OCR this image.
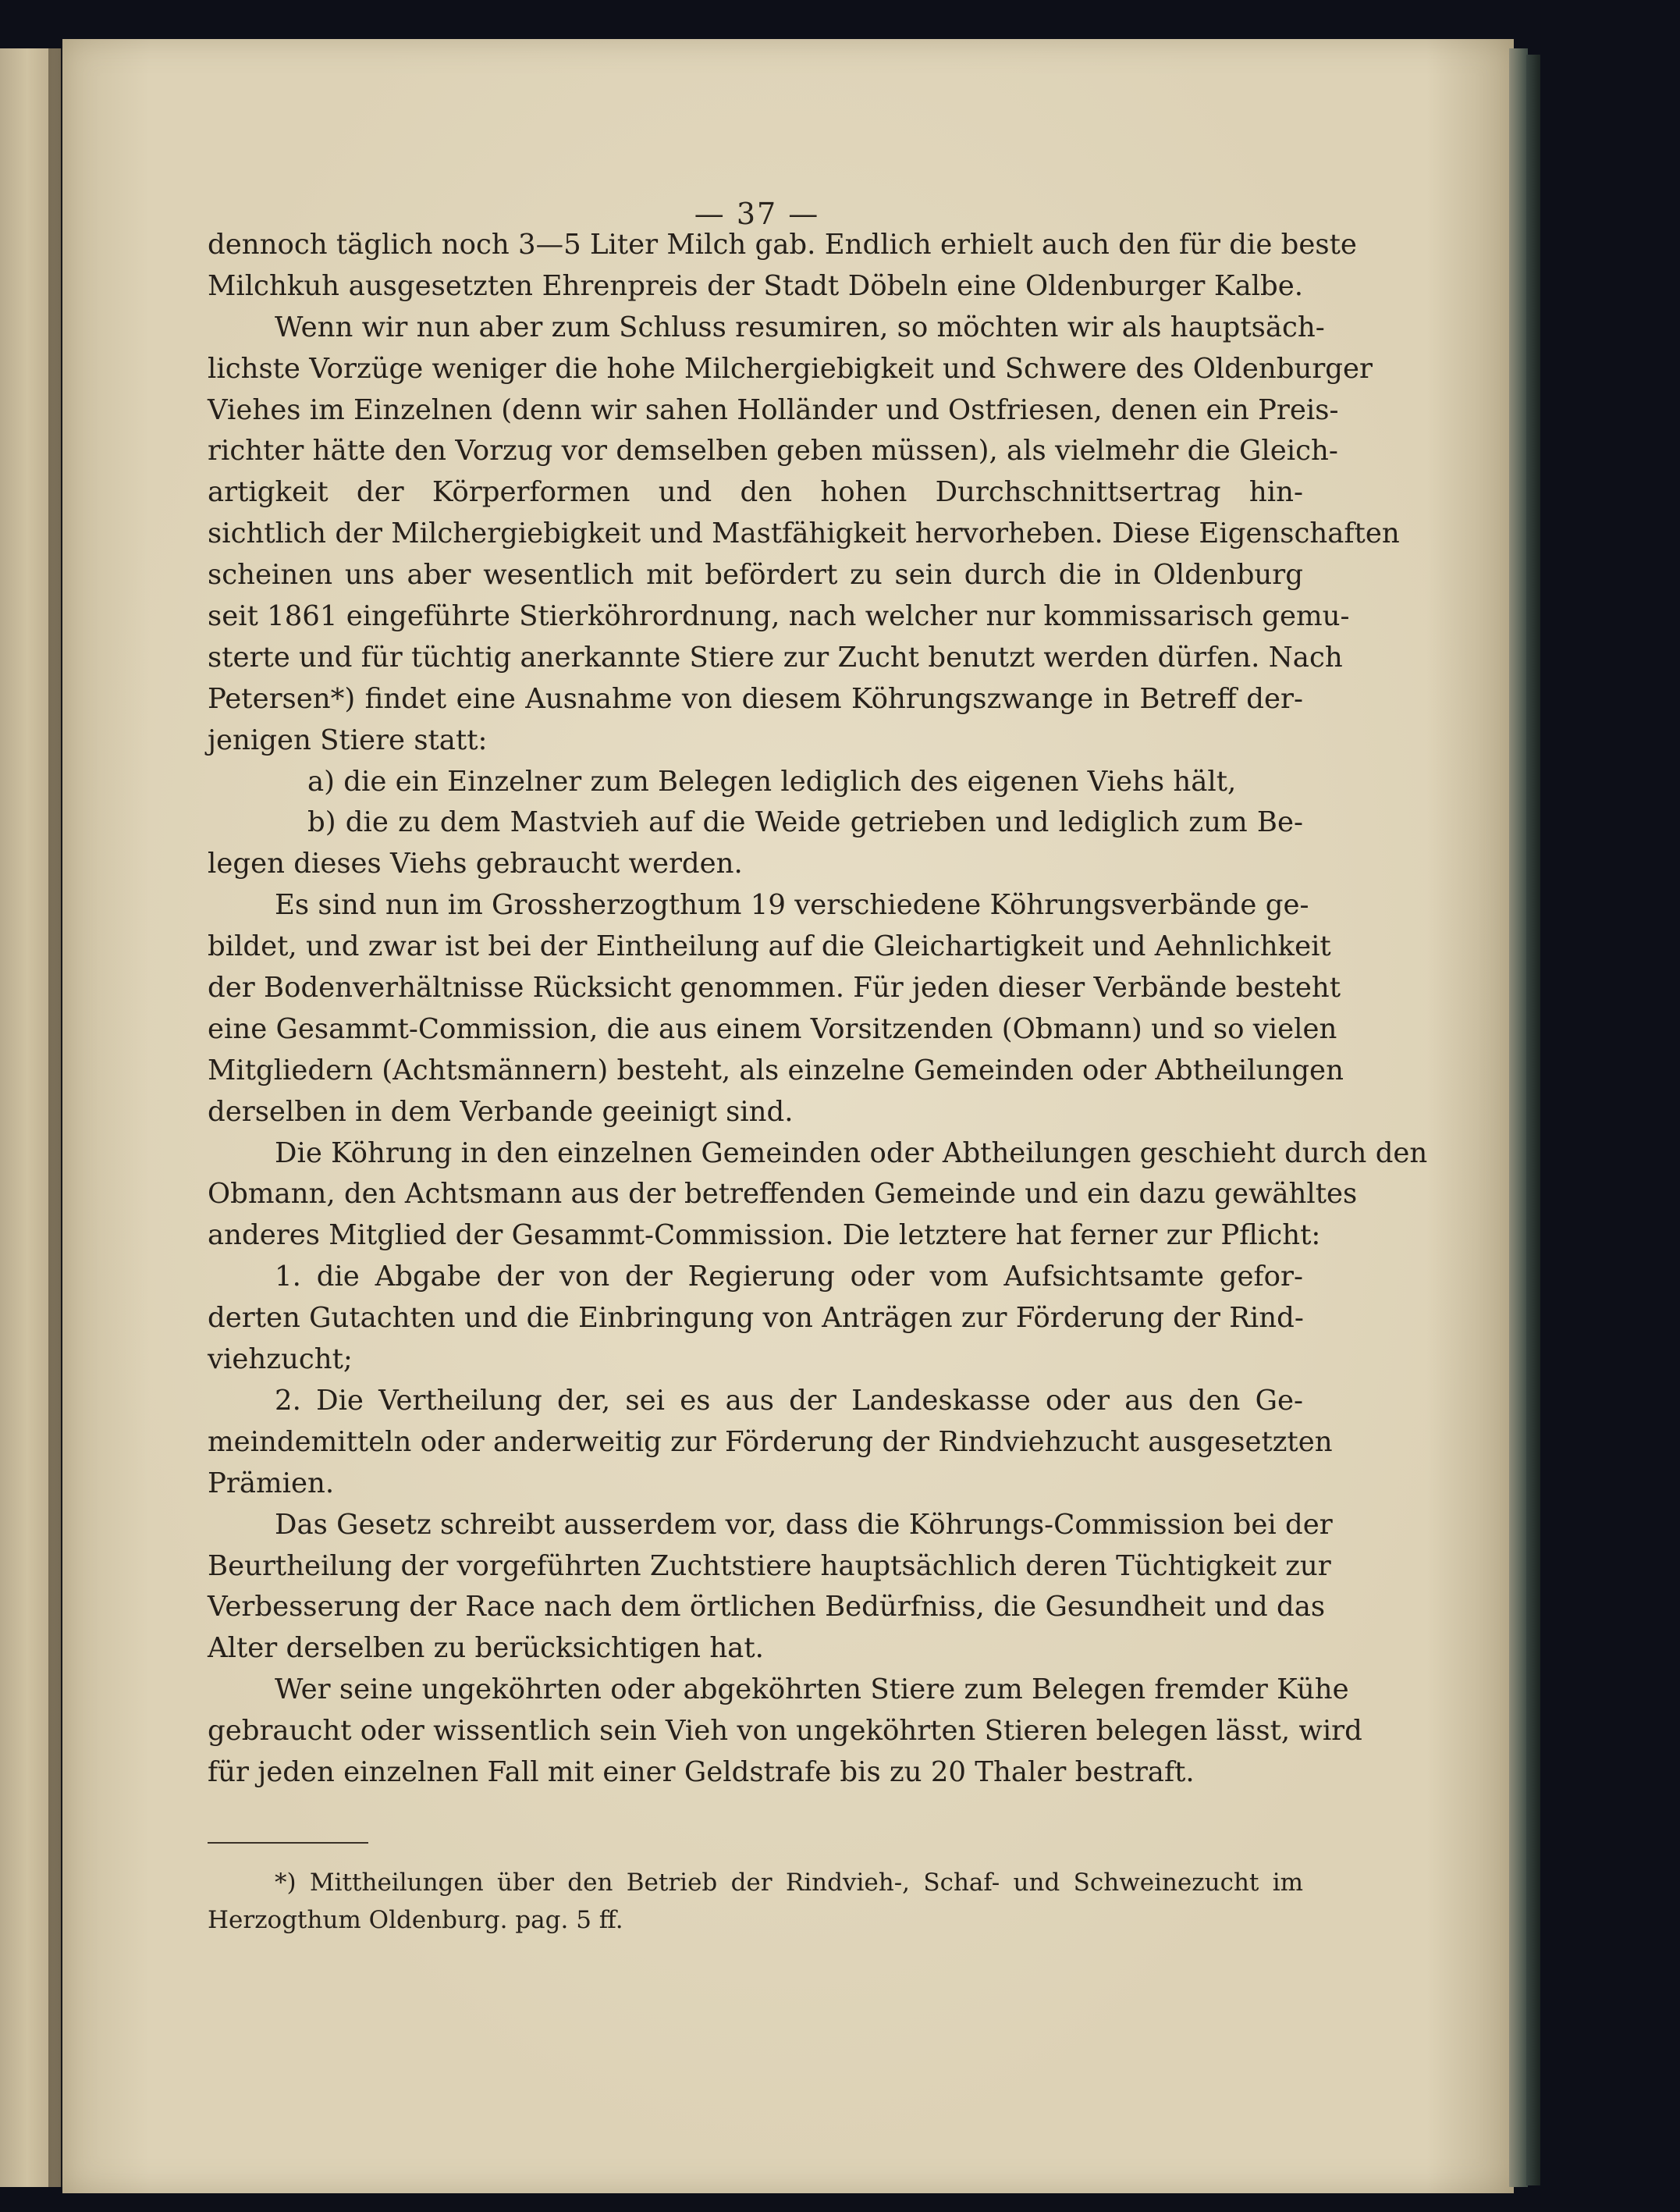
— 37 —
dennoch täglich noch 3—5 Liter Milch gab. Endlich erhielt auch den für die beste
Milchkuh ausgesetzten Ehrenpreis der Stadt Döbeln eine Oldenburger Kalbe.
Wenn wir nun aber zum Schluss resumiren, so möchten wir als hauptsäch-
lichste Vorzüge weniger die hohe Milchergiebigkeit und Schwere des Oldenburger
Viehes im Einzelnen (denn wir sahen Holländer und Ostfriesen, denen ein Preis-
richter hätte den Vorzug vor demselben geben müssen), als vielmehr die Gleich-
artigkeit der Körperformen und den hohen Durchschnittsertrag hin-
sichtlich der Milchergiebigkeit und Mastfähigkeit hervorheben. Diese Eigenschaften
scheinen uns aber wesentlich mit befördert zu sein durch die in Oldenburg
seit 1861 eingeführte Stierköhrordnung, nach welcher nur kommissarisch gemu-
sterte und für tüchtig anerkannte Stiere zur Zucht benutzt werden dürfen. Nach
Petersen*) findet eine Ausnahme von diesem Köhrungszwange in Betreff der-
jenigen Stiere statt:
a) die ein Einzelner zum Belegen lediglich des eigenen Viehs hält,
b) die zu dem Mastvieh auf die Weide getrieben und lediglich zum Be-
legen dieses Viehs gebraucht werden.
Es sind nun im Grossherzogthum 19 verschiedene Köhrungsverbände ge-
bildet, und zwar ist bei der Eintheilung auf die Gleichartigkeit und Aehnlichkeit
der Bodenverhältnisse Rücksicht genommen. Für jeden dieser Verbände besteht
eine Gesammt-Commission, die aus einem Vorsitzenden (Obmann) und so vielen
Mitgliedern (Achtsmännern) besteht, als einzelne Gemeinden oder Abtheilungen
derselben in dem Verbande geeinigt sind.
Die Köhrung in den einzelnen Gemeinden oder Abtheilungen geschieht durch den
Obmann, den Achtsmann aus der betreffenden Gemeinde und ein dazu gewähltes
anderes Mitglied der Gesammt-Commission. Die letztere hat ferner zur Pflicht:
1. die Abgabe der von der Regierung oder vom Aufsichtsamte gefor-
derten Gutachten und die Einbringung von Anträgen zur Förderung der Rind-
viehzucht;
2. Die Vertheilung der, sei es aus der Landeskasse oder aus den Ge-
meindemitteln oder anderweitig zur Förderung der Rindviehzucht ausgesetzten
Prämien.
Das Gesetz schreibt ausserdem vor, dass die Köhrungs-Commission bei der
Beurtheilung der vorgeführten Zuchtstiere hauptsächlich deren Tüchtigkeit zur
Verbesserung der Race nach dem örtlichen Bedürfniss, die Gesundheit und das
Alter derselben zu berücksichtigen hat.
Wer seine ungeköhrten oder abgeköhrten Stiere zum Belegen fremder Kühe
gebraucht oder wissentlich sein Vieh von ungeköhrten Stieren belegen lässt, wird
für jeden einzelnen Fall mit einer Geldstrafe bis zu 20 Thaler bestraft.
*) Mittheilungen über den Betrieb der Rindvieh-, Schaf- und Schweinezucht im
Herzogthum Oldenburg. pag. 5 ff.
